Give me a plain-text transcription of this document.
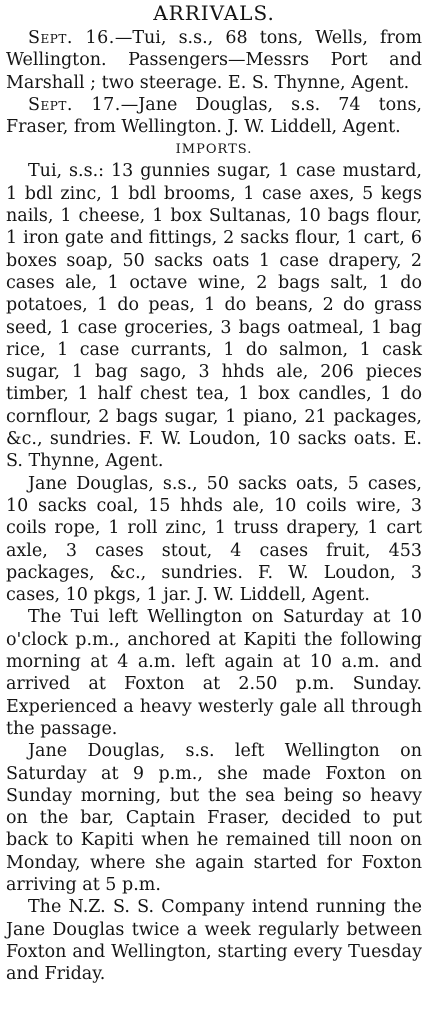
ARRIVALS.

Sept. 16.—Tui, s.s., 68 tons, Wells, from Wellington. Passengers—Messrs Port and Marshall ; two steerage. E. S. Thynne, Agent.

Sept. 17.—Jane Douglas, s.s. 74 tons, Fraser, from Wellington. J. W. Liddell, Agent.

IMPORTS.

Tui, s.s.: 13 gunnies sugar, 1 case mustard, 1 bdl zinc, 1 bdl brooms, 1 case axes, 5 kegs nails, 1 cheese, 1 box Sultanas, 10 bags flour, 1 iron gate and fittings, 2 sacks flour, 1 cart, 6 boxes soap, 50 sacks oats 1 case drapery, 2 cases ale, 1 octave wine, 2 bags salt, 1 do potatoes, 1 do peas, 1 do beans, 2 do grass seed, 1 case groceries, 3 bags oatmeal, 1 bag rice, 1 case currants, 1 do salmon, 1 cask sugar, 1 bag sago, 3 hhds ale, 206 pieces timber, 1 half chest tea, 1 box candles, 1 do cornflour, 2 bags sugar, 1 piano, 21 packages, &c., sundries. F. W. Loudon, 10 sacks oats. E. S. Thynne, Agent.

Jane Douglas, s.s., 50 sacks oats, 5 cases, 10 sacks coal, 15 hhds ale, 10 coils wire, 3 coils rope, 1 roll zinc, 1 truss drapery, 1 cart axle, 3 cases stout, 4 cases fruit, 453 packages, &c., sundries. F. W. Loudon, 3 cases, 10 pkgs, 1 jar. J. W. Liddell, Agent.

The Tui left Wellington on Saturday at 10 o'clock p.m., anchored at Kapiti the following morning at 4 a.m. left again at 10 a.m. and arrived at Foxton at 2.50 p.m. Sunday. Experienced a heavy westerly gale all through the passage.

Jane Douglas, s.s. left Wellington on Saturday at 9 p.m., she made Foxton on Sunday morning, but the sea being so heavy on the bar, Captain Fraser, decided to put back to Kapiti when he remained till noon on Monday, where she again started for Foxton arriving at 5 p.m.

The N.Z. S. S. Company intend running the Jane Douglas twice a week regularly between Foxton and Wellington, starting every Tuesday and Friday.
